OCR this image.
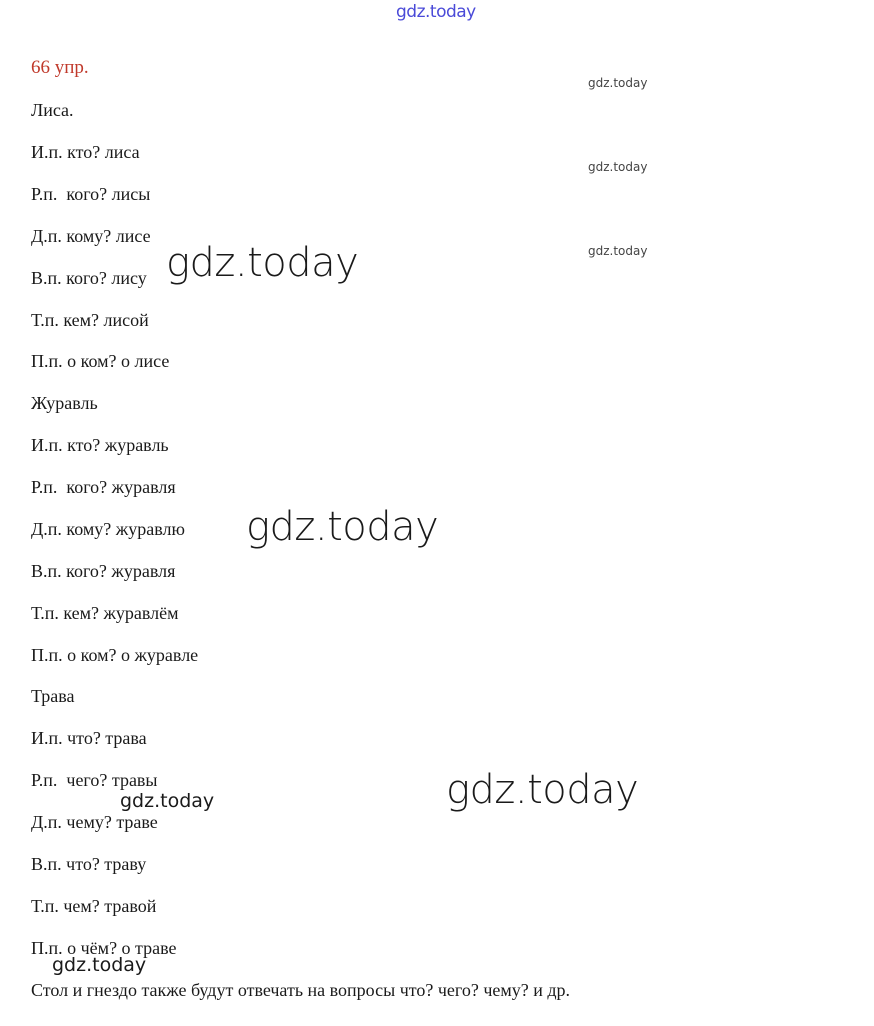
gdz.today
66 упр.
Лиса.
И.п. кто? лиса
Р.п.  кого? лисы
Д.п. кому? лисе
В.п. кого? лису
Т.п. кем? лисой
П.п. о ком? о лисе
Журавль
И.п. кто? журавль
Р.п.  кого? журавля
Д.п. кому? журавлю
В.п. кого? журавля
Т.п. кем? журавлём
П.п. о ком? о журавле
Трава
И.п. что? трава
Р.п.  чего? травы
Д.п. чему? траве
В.п. что? траву
Т.п. чем? травой
П.п. о чём? о траве
Стол и гнездо также будут отвечать на вопросы что? чего? чему? и др.
gdz.today
gdz.today
gdz.today
gdz.today
gdz.today
gdz.today
gdz.today
gdz.today
